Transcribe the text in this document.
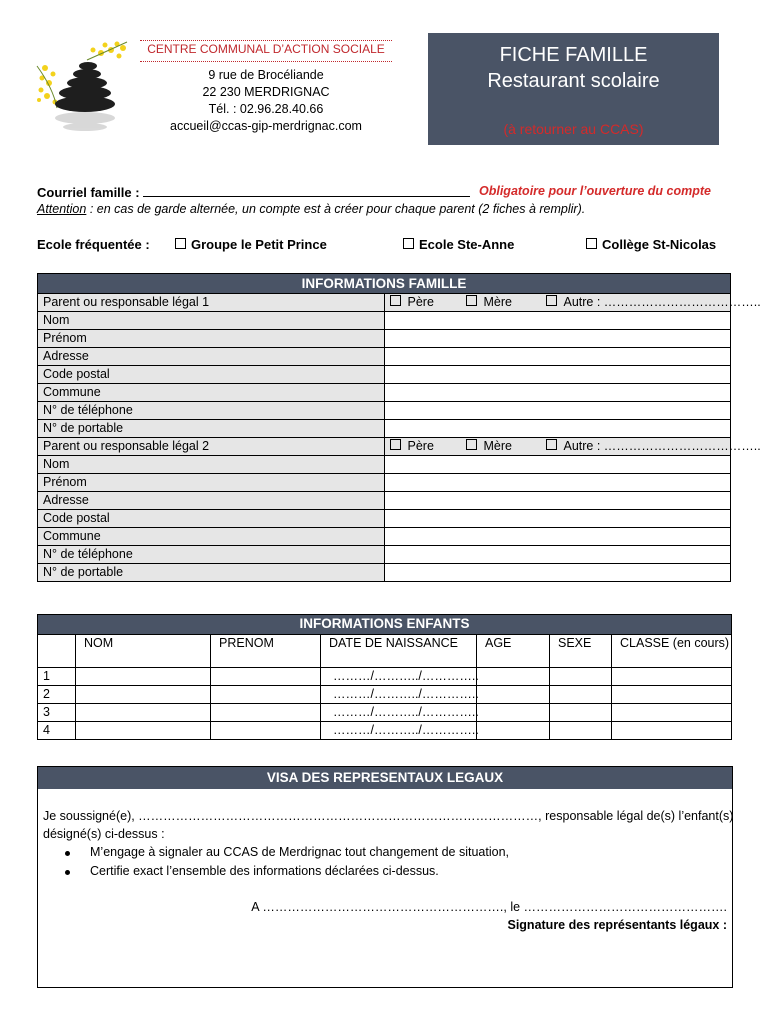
CENTRE COMMUNAL D’ACTION SOCIALE
9 rue de Brocéliande
22 230 MERDRIGNAC
Tél. : 02.96.28.40.66
accueil@ccas-gip-merdrignac.com
FICHE FAMILLE
Restaurant scolaire
(à retourner au CCAS)
Courriel famille :	Obligatoire pour l’ouverture du compte
Attention : en cas de garde alternée, un compte est à créer pour chaque parent (2 fiches à remplir).
Ecole fréquentée :	Groupe le Petit Prince	Ecole Ste-Anne	Collège St-Nicolas
INFORMATIONS FAMILLE	
Parent ou responsable légal 1	Père Mère Autre : ………………………………..

Nom	
Prénom	
Adresse	
Code postal	
Commune	
N° de téléphone	
N° de portable	
Parent ou responsable légal 2	Père Mère Autre : ………………………………..

Nom	
Prénom	
Adresse	
Code postal	
Commune	
N° de téléphone	
N° de portable	
INFORMATIONS ENFANTS						
	NOM	PRENOM	DATE DE NAISSANCE	AGE	SEXE	CLASSE (en cours)
1			………/………../…………..			
2			………/………../…………..			
3			………/………../…………..			
4			………/………../…………..			
VISA DES REPRESENTAUX LEGAUX
Je soussigné(e), ……………………………………………………………………………………, responsable légal de(s) l’enfant(s)
désigné(s) ci-dessus :
M’engage à signaler au CCAS de Merdrignac tout changement de situation,
Certifie exact l’ensemble des informations déclarées ci-dessus.
A …………………………………………………., le ………………………………………….
Signature des représentants légaux :
